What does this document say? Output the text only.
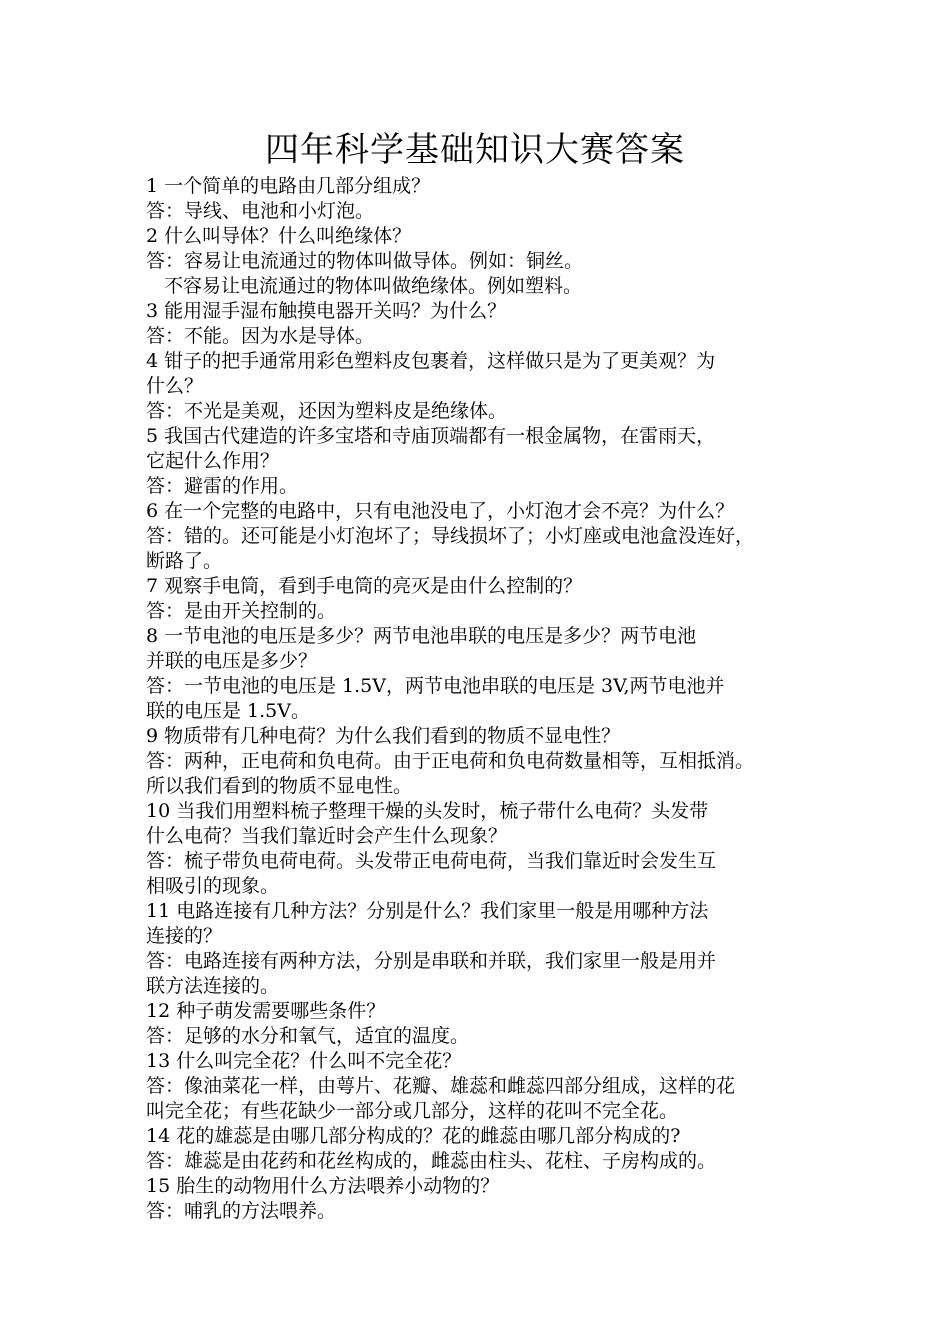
四年科学基础知识大赛答案
1 一个简单的电路由几部分组成？
答：导线、电池和小灯泡。
2 什么叫导体？什么叫绝缘体？
答：容易让电流通过的物体叫做导体。例如：铜丝。
不容易让电流通过的物体叫做绝缘体。例如塑料。
3 能用湿手湿布触摸电器开关吗？为什么？
答：不能。因为水是导体。
4 钳子的把手通常用彩色塑料皮包裹着，这样做只是为了更美观？为
什么？
答：不光是美观，还因为塑料皮是绝缘体。
5 我国古代建造的许多宝塔和寺庙顶端都有一根金属物，在雷雨天，
它起什么作用？
答：避雷的作用。
6 在一个完整的电路中，只有电池没电了，小灯泡才会不亮？为什么？
答：错的。还可能是小灯泡坏了；导线损坏了；小灯座或电池盒没连好，
断路了。
7 观察手电筒，看到手电筒的亮灭是由什么控制的？
答：是由开关控制的。
8 一节电池的电压是多少？两节电池串联的电压是多少？两节电池
并联的电压是多少？
答：一节电池的电压是 1.5V，两节电池串联的电压是 3V,两节电池并
联的电压是 1.5V。
9 物质带有几种电荷？为什么我们看到的物质不显电性？
答：两种，正电荷和负电荷。由于正电荷和负电荷数量相等，互相抵消。
所以我们看到的物质不显电性。
10 当我们用塑料梳子整理干燥的头发时，梳子带什么电荷？头发带
什么电荷？当我们靠近时会产生什么现象？
答：梳子带负电荷电荷。头发带正电荷电荷，当我们靠近时会发生互
相吸引的现象。
11 电路连接有几种方法？分别是什么？我们家里一般是用哪种方法
连接的？
答：电路连接有两种方法，分别是串联和并联，我们家里一般是用并
联方法连接的。
12 种子萌发需要哪些条件？
答：足够的水分和氧气，适宜的温度。
13 什么叫完全花？什么叫不完全花？
答：像油菜花一样，由萼片、花瓣、雄蕊和雌蕊四部分组成，这样的花
叫完全花；有些花缺少一部分或几部分，这样的花叫不完全花。
14 花的雄蕊是由哪几部分构成的？花的雌蕊由哪几部分构成的?
答：雄蕊是由花药和花丝构成的，雌蕊由柱头、花柱、子房构成的。
15 胎生的动物用什么方法喂养小动物的？
答：哺乳的方法喂养。
